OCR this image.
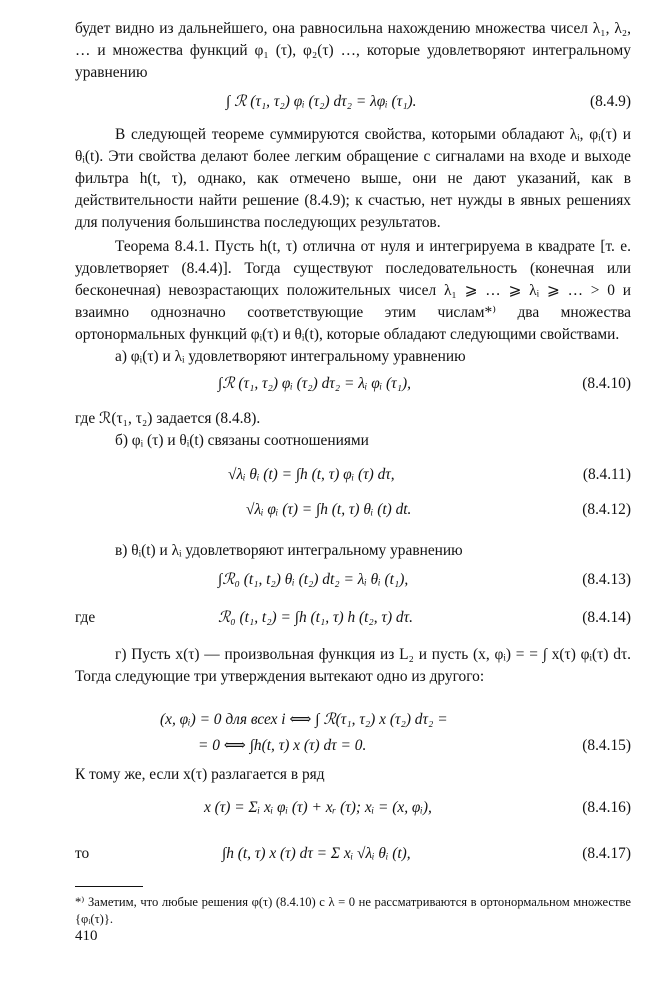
будет видно из дальнейшего, она равносильна нахождению множества чисел λ₁, λ₂, … и множества функций φ₁ (τ), φ₂(τ) …, которые удовлетворяют интегральному уравнению

∫ ℛ (τ₁, τ₂) φᵢ (τ₂) dτ₂ = λφᵢ (τ₁).	(8.4.9)

В следующей теореме суммируются свойства, которыми обладают λᵢ, φᵢ(τ) и θᵢ(t). Эти свойства делают более легким обращение с сигналами на входе и выходе фильтра h(t, τ), однако, как отмечено выше, они не дают указаний, как в действительности найти решение (8.4.9); к счастью, нет нужды в явных решениях для получения большинства последующих результатов.

Теорема 8.4.1. Пусть h(t, τ) отлична от нуля и интегрируема в квадрате [т. е. удовлетворяет (8.4.4)]. Тогда существуют последовательность (конечная или бесконечная) невозрастающих положительных чисел λ₁ ⩾ … ⩾ λᵢ ⩾ … > 0 и взаимно однозначно соответствующие этим числам*⁾ два множества ортонормальных функций φᵢ(τ) и θᵢ(t), которые обладают следующими свойствами.

а) φᵢ(τ) и λᵢ удовлетворяют интегральному уравнению

∫ℛ (τ₁, τ₂) φᵢ (τ₂) dτ₂ = λᵢ φᵢ (τ₁),	(8.4.10)

где ℛ(τ₁, τ₂) задается (8.4.8).

б) φᵢ (τ) и θᵢ(t) связаны соотношениями

√λᵢ θᵢ (t) = ∫h (t, τ) φᵢ (τ) dτ,	(8.4.11)
√λᵢ φᵢ (τ) = ∫h (t, τ) θᵢ (t) dt.	(8.4.12)

в) θᵢ(t) и λᵢ удовлетворяют интегральному уравнению

∫ℛ₀ (t₁, t₂) θᵢ (t₂) dt₂ = λᵢ θᵢ (t₁),	(8.4.13)
где	ℛ₀ (t₁, t₂) = ∫h (t₁, τ) h (t₂, τ) dτ.	(8.4.14)

г) Пусть x(τ) — произвольная функция из L₂ и пусть (x, φᵢ) = = ∫ x(τ) φᵢ(τ) dτ. Тогда следующие три утверждения вытекают одно из другого:

(x, φᵢ) = 0 для всех i ⟺ ∫ ℛ(τ₁, τ₂) x (τ₂) dτ₂ =
= 0 ⟺ ∫h(t, τ) x (τ) dτ = 0.	(8.4.15)

К тому же, если x(τ) разлагается в ряд

x (τ) = Σᵢ xᵢ φᵢ (τ) + xᵣ (τ); xᵢ = (x, φᵢ),	(8.4.16)
то	∫h (t, τ) x (τ) dτ = Σ xᵢ √λᵢ θᵢ (t),	(8.4.17)

*⁾ Заметим, что любые решения φ(τ) (8.4.10) с λ = 0 не рассматриваются в ортонормальном множестве {φᵢ(τ)}.

410
